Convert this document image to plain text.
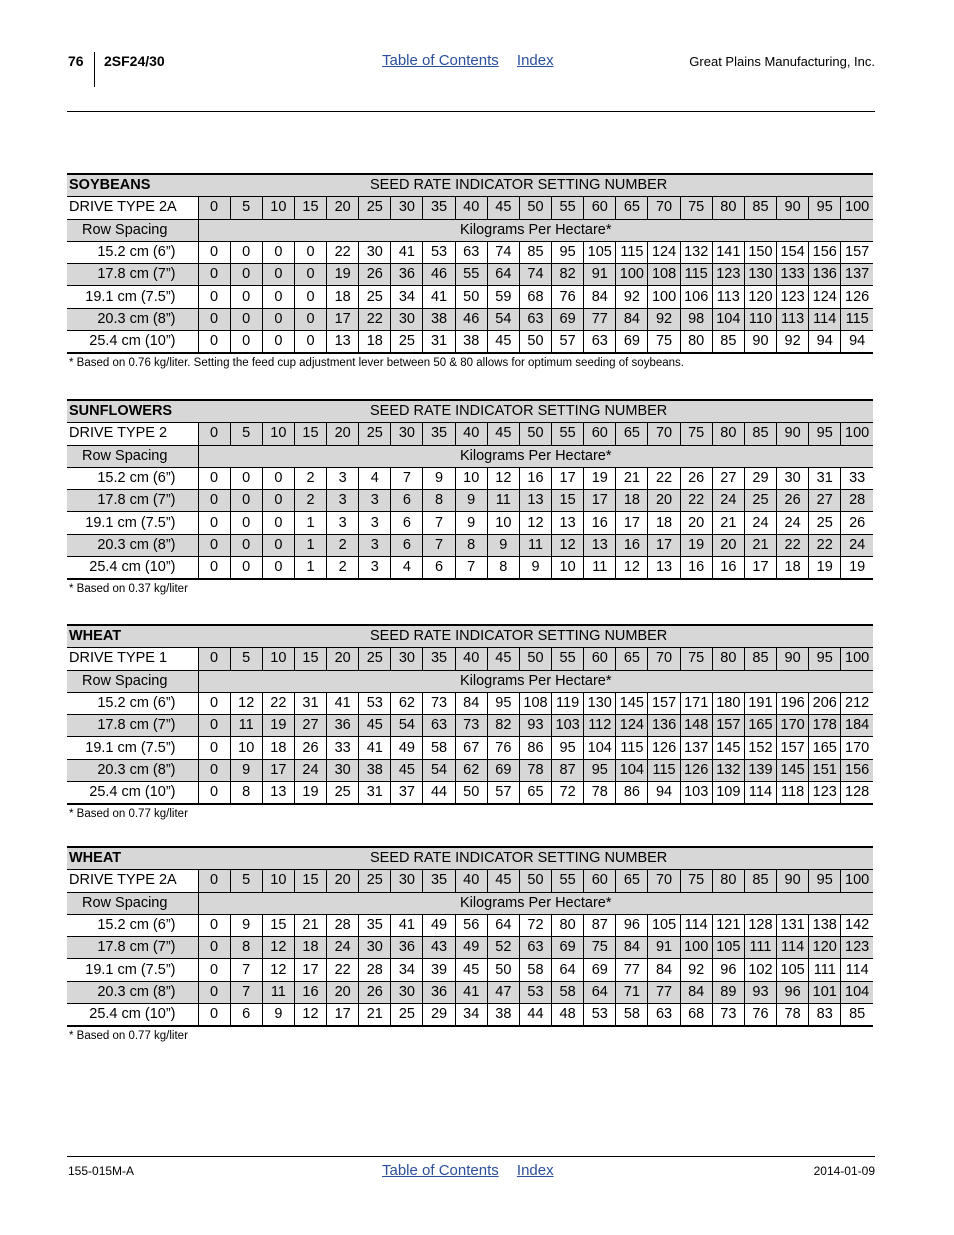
76 2SF24/30	Table of Contents Index	Great Plains Manufacturing, Inc.
SOYBEANS	SEED RATE INDICATOR SETTING NUMBER																				
DRIVE TYPE 2A	0	5	10	15	20	25	30	35	40	45	50	55	60	65	70	75	80	85	90	95	100
Row Spacing	Kilograms Per Hectare*																				
15.2 cm (6”)	0	0	0	0	22	30	41	53	63	74	85	95	105	115	124	132	141	150	154	156	157
17.8 cm (7”)	0	0	0	0	19	26	36	46	55	64	74	82	91	100	108	115	123	130	133	136	137
19.1 cm (7.5”)	0	0	0	0	18	25	34	41	50	59	68	76	84	92	100	106	113	120	123	124	126
20.3 cm (8”)	0	0	0	0	17	22	30	38	46	54	63	69	77	84	92	98	104	110	113	114	115
25.4 cm (10”)	0	0	0	0	13	18	25	31	38	45	50	57	63	69	75	80	85	90	92	94	94
* Based on 0.76 kg/liter. Setting the feed cup adjustment lever between 50 & 80 allows for optimum seeding of soybeans.
SUNFLOWERS	SEED RATE INDICATOR SETTING NUMBER																				
DRIVE TYPE 2	0	5	10	15	20	25	30	35	40	45	50	55	60	65	70	75	80	85	90	95	100
Row Spacing	Kilograms Per Hectare*																				
15.2 cm (6”)	0	0	0	2	3	4	7	9	10	12	16	17	19	21	22	26	27	29	30	31	33
17.8 cm (7”)	0	0	0	2	3	3	6	8	9	11	13	15	17	18	20	22	24	25	26	27	28
19.1 cm (7.5”)	0	0	0	1	3	3	6	7	9	10	12	13	16	17	18	20	21	24	24	25	26
20.3 cm (8”)	0	0	0	1	2	3	6	7	8	9	11	12	13	16	17	19	20	21	22	22	24
25.4 cm (10”)	0	0	0	1	2	3	4	6	7	8	9	10	11	12	13	16	16	17	18	19	19
* Based on 0.37 kg/liter
WHEAT	SEED RATE INDICATOR SETTING NUMBER																				
DRIVE TYPE 1	0	5	10	15	20	25	30	35	40	45	50	55	60	65	70	75	80	85	90	95	100
Row Spacing	Kilograms Per Hectare*																				
15.2 cm (6”)	0	12	22	31	41	53	62	73	84	95	108	119	130	145	157	171	180	191	196	206	212
17.8 cm (7”)	0	11	19	27	36	45	54	63	73	82	93	103	112	124	136	148	157	165	170	178	184
19.1 cm (7.5”)	0	10	18	26	33	41	49	58	67	76	86	95	104	115	126	137	145	152	157	165	170
20.3 cm (8”)	0	9	17	24	30	38	45	54	62	69	78	87	95	104	115	126	132	139	145	151	156
25.4 cm (10”)	0	8	13	19	25	31	37	44	50	57	65	72	78	86	94	103	109	114	118	123	128
* Based on 0.77 kg/liter
WHEAT	SEED RATE INDICATOR SETTING NUMBER																				
DRIVE TYPE 2A	0	5	10	15	20	25	30	35	40	45	50	55	60	65	70	75	80	85	90	95	100
Row Spacing	Kilograms Per Hectare*																				
15.2 cm (6”)	0	9	15	21	28	35	41	49	56	64	72	80	87	96	105	114	121	128	131	138	142
17.8 cm (7”)	0	8	12	18	24	30	36	43	49	52	63	69	75	84	91	100	105	111	114	120	123
19.1 cm (7.5”)	0	7	12	17	22	28	34	39	45	50	58	64	69	77	84	92	96	102	105	111	114
20.3 cm (8”)	0	7	11	16	20	26	30	36	41	47	53	58	64	71	77	84	89	93	96	101	104
25.4 cm (10”)	0	6	9	12	17	21	25	29	34	38	44	48	53	58	63	68	73	76	78	83	85
* Based on 0.77 kg/liter
155-015M-A	Table of Contents Index	2014-01-09
